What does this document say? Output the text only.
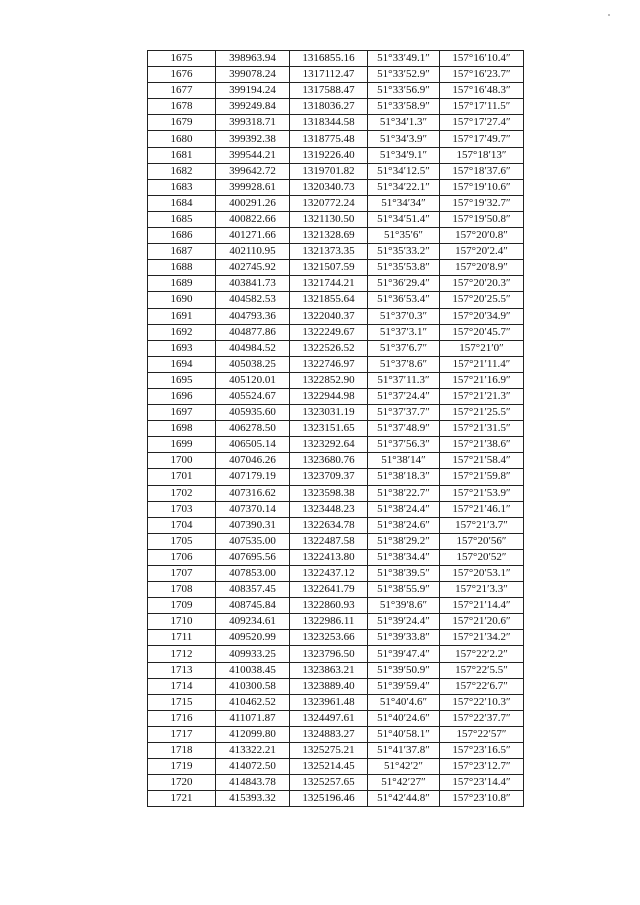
1675	398963.94	1316855.16	51°33′49.1″	157°16′10.4″
1676	399078.24	1317112.47	51°33′52.9″	157°16′23.7″
1677	399194.24	1317588.47	51°33′56.9″	157°16′48.3″
1678	399249.84	1318036.27	51°33′58.9″	157°17′11.5″
1679	399318.71	1318344.58	51°34′1.3″	157°17′27.4″
1680	399392.38	1318775.48	51°34′3.9″	157°17′49.7″
1681	399544.21	1319226.40	51°34′9.1″	157°18′13″
1682	399642.72	1319701.82	51°34′12.5″	157°18′37.6″
1683	399928.61	1320340.73	51°34′22.1″	157°19′10.6″
1684	400291.26	1320772.24	51°34′34″	157°19′32.7″
1685	400822.66	1321130.50	51°34′51.4″	157°19′50.8″
1686	401271.66	1321328.69	51°35′6″	157°20′0.8″
1687	402110.95	1321373.35	51°35′33.2″	157°20′2.4″
1688	402745.92	1321507.59	51°35′53.8″	157°20′8.9″
1689	403841.73	1321744.21	51°36′29.4″	157°20′20.3″
1690	404582.53	1321855.64	51°36′53.4″	157°20′25.5″
1691	404793.36	1322040.37	51°37′0.3″	157°20′34.9″
1692	404877.86	1322249.67	51°37′3.1″	157°20′45.7″
1693	404984.52	1322526.52	51°37′6.7″	157°21′0″
1694	405038.25	1322746.97	51°37′8.6″	157°21′11.4″
1695	405120.01	1322852.90	51°37′11.3″	157°21′16.9″
1696	405524.67	1322944.98	51°37′24.4″	157°21′21.3″
1697	405935.60	1323031.19	51°37′37.7″	157°21′25.5″
1698	406278.50	1323151.65	51°37′48.9″	157°21′31.5″
1699	406505.14	1323292.64	51°37′56.3″	157°21′38.6″
1700	407046.26	1323680.76	51°38′14″	157°21′58.4″
1701	407179.19	1323709.37	51°38′18.3″	157°21′59.8″
1702	407316.62	1323598.38	51°38′22.7″	157°21′53.9″
1703	407370.14	1323448.23	51°38′24.4″	157°21′46.1″
1704	407390.31	1322634.78	51°38′24.6″	157°21′3.7″
1705	407535.00	1322487.58	51°38′29.2″	157°20′56″
1706	407695.56	1322413.80	51°38′34.4″	157°20′52″
1707	407853.00	1322437.12	51°38′39.5″	157°20′53.1″
1708	408357.45	1322641.79	51°38′55.9″	157°21′3.3″
1709	408745.84	1322860.93	51°39′8.6″	157°21′14.4″
1710	409234.61	1322986.11	51°39′24.4″	157°21′20.6″
1711	409520.99	1323253.66	51°39′33.8″	157°21′34.2″
1712	409933.25	1323796.50	51°39′47.4″	157°22′2.2″
1713	410038.45	1323863.21	51°39′50.9″	157°22′5.5″
1714	410300.58	1323889.40	51°39′59.4″	157°22′6.7″
1715	410462.52	1323961.48	51°40′4.6″	157°22′10.3″
1716	411071.87	1324497.61	51°40′24.6″	157°22′37.7″
1717	412099.80	1324883.27	51°40′58.1″	157°22′57″
1718	413322.21	1325275.21	51°41′37.8″	157°23′16.5″
1719	414072.50	1325214.45	51°42′2″	157°23′12.7″
1720	414843.78	1325257.65	51°42′27″	157°23′14.4″
1721	415393.32	1325196.46	51°42′44.8″	157°23′10.8″
